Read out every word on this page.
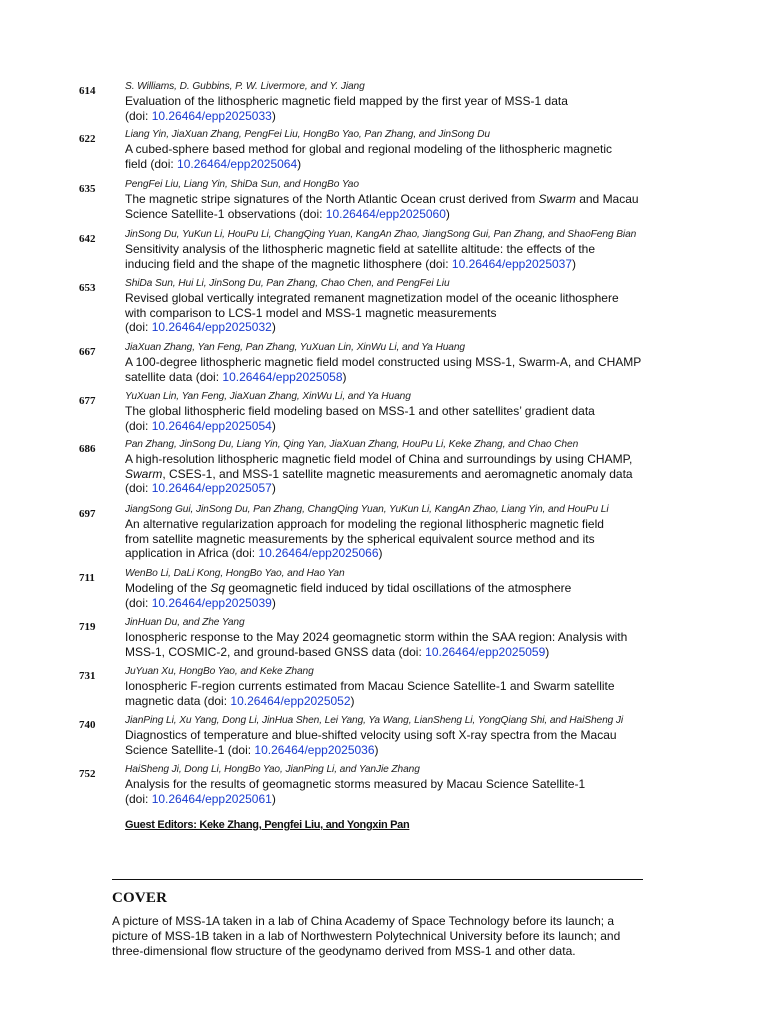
614	S. Williams, D. Gubbins, P. W. Livermore, and Y. Jiang
Evaluation of the lithospheric magnetic field mapped by the first year of MSS-1 data
(doi: 10.26464/epp2025033)
622	Liang Yin, JiaXuan Zhang, PengFei Liu, HongBo Yao, Pan Zhang, and JinSong Du
A cubed-sphere based method for global and regional modeling of the lithospheric magnetic
field (doi: 10.26464/epp2025064)
635	PengFei Liu, Liang Yin, ShiDa Sun, and HongBo Yao
The magnetic stripe signatures of the North Atlantic Ocean crust derived from Swarm and Macau
Science Satellite-1 observations (doi: 10.26464/epp2025060)
642	JinSong Du, YuKun Li, HouPu Li, ChangQing Yuan, KangAn Zhao, JiangSong Gui, Pan Zhang, and ShaoFeng Bian
Sensitivity analysis of the lithospheric magnetic field at satellite altitude: the effects of the
inducing field and the shape of the magnetic lithosphere (doi: 10.26464/epp2025037)
653	ShiDa Sun, Hui Li, JinSong Du, Pan Zhang, Chao Chen, and PengFei Liu
Revised global vertically integrated remanent magnetization model of the oceanic lithosphere
with comparison to LCS-1 model and MSS-1 magnetic measurements
(doi: 10.26464/epp2025032)
667	JiaXuan Zhang, Yan Feng, Pan Zhang, YuXuan Lin, XinWu Li, and Ya Huang
A 100-degree lithospheric magnetic field model constructed using MSS-1, Swarm-A, and CHAMP
satellite data (doi: 10.26464/epp2025058)
677	YuXuan Lin, Yan Feng, JiaXuan Zhang, XinWu Li, and Ya Huang
The global lithospheric field modeling based on MSS-1 and other satellites’ gradient data
(doi: 10.26464/epp2025054)
686	Pan Zhang, JinSong Du, Liang Yin, Qing Yan, JiaXuan Zhang, HouPu Li, Keke Zhang, and Chao Chen
A high-resolution lithospheric magnetic field model of China and surroundings by using CHAMP,
Swarm, CSES-1, and MSS-1 satellite magnetic measurements and aeromagnetic anomaly data
(doi: 10.26464/epp2025057)
697	JiangSong Gui, JinSong Du, Pan Zhang, ChangQing Yuan, YuKun Li, KangAn Zhao, Liang Yin, and HouPu Li
An alternative regularization approach for modeling the regional lithospheric magnetic field
from satellite magnetic measurements by the spherical equivalent source method and its
application in Africa (doi: 10.26464/epp2025066)
711	WenBo Li, DaLi Kong, HongBo Yao, and Hao Yan
Modeling of the Sq geomagnetic field induced by tidal oscillations of the atmosphere
(doi: 10.26464/epp2025039)
719	JinHuan Du, and Zhe Yang
Ionospheric response to the May 2024 geomagnetic storm within the SAA region: Analysis with
MSS-1, COSMIC-2, and ground-based GNSS data (doi: 10.26464/epp2025059)
731	JuYuan Xu, HongBo Yao, and Keke Zhang
Ionospheric F-region currents estimated from Macau Science Satellite-1 and Swarm satellite
magnetic data (doi: 10.26464/epp2025052)
740	JianPing Li, Xu Yang, Dong Li, JinHua Shen, Lei Yang, Ya Wang, LianSheng Li, YongQiang Shi, and HaiSheng Ji
Diagnostics of temperature and blue-shifted velocity using soft X-ray spectra from the Macau
Science Satellite-1 (doi: 10.26464/epp2025036)
752	HaiSheng Ji, Dong Li, HongBo Yao, JianPing Li, and YanJie Zhang
Analysis for the results of geomagnetic storms measured by Macau Science Satellite-1
(doi: 10.26464/epp2025061)
Guest Editors: Keke Zhang, Pengfei Liu, and Yongxin Pan
COVER
A picture of MSS-1A taken in a lab of China Academy of Space Technology before its launch; a picture of MSS-1B taken in a lab of Northwestern Polytechnical University before its launch; and three-dimensional flow structure of the geodynamo derived from MSS-1 and other data.
